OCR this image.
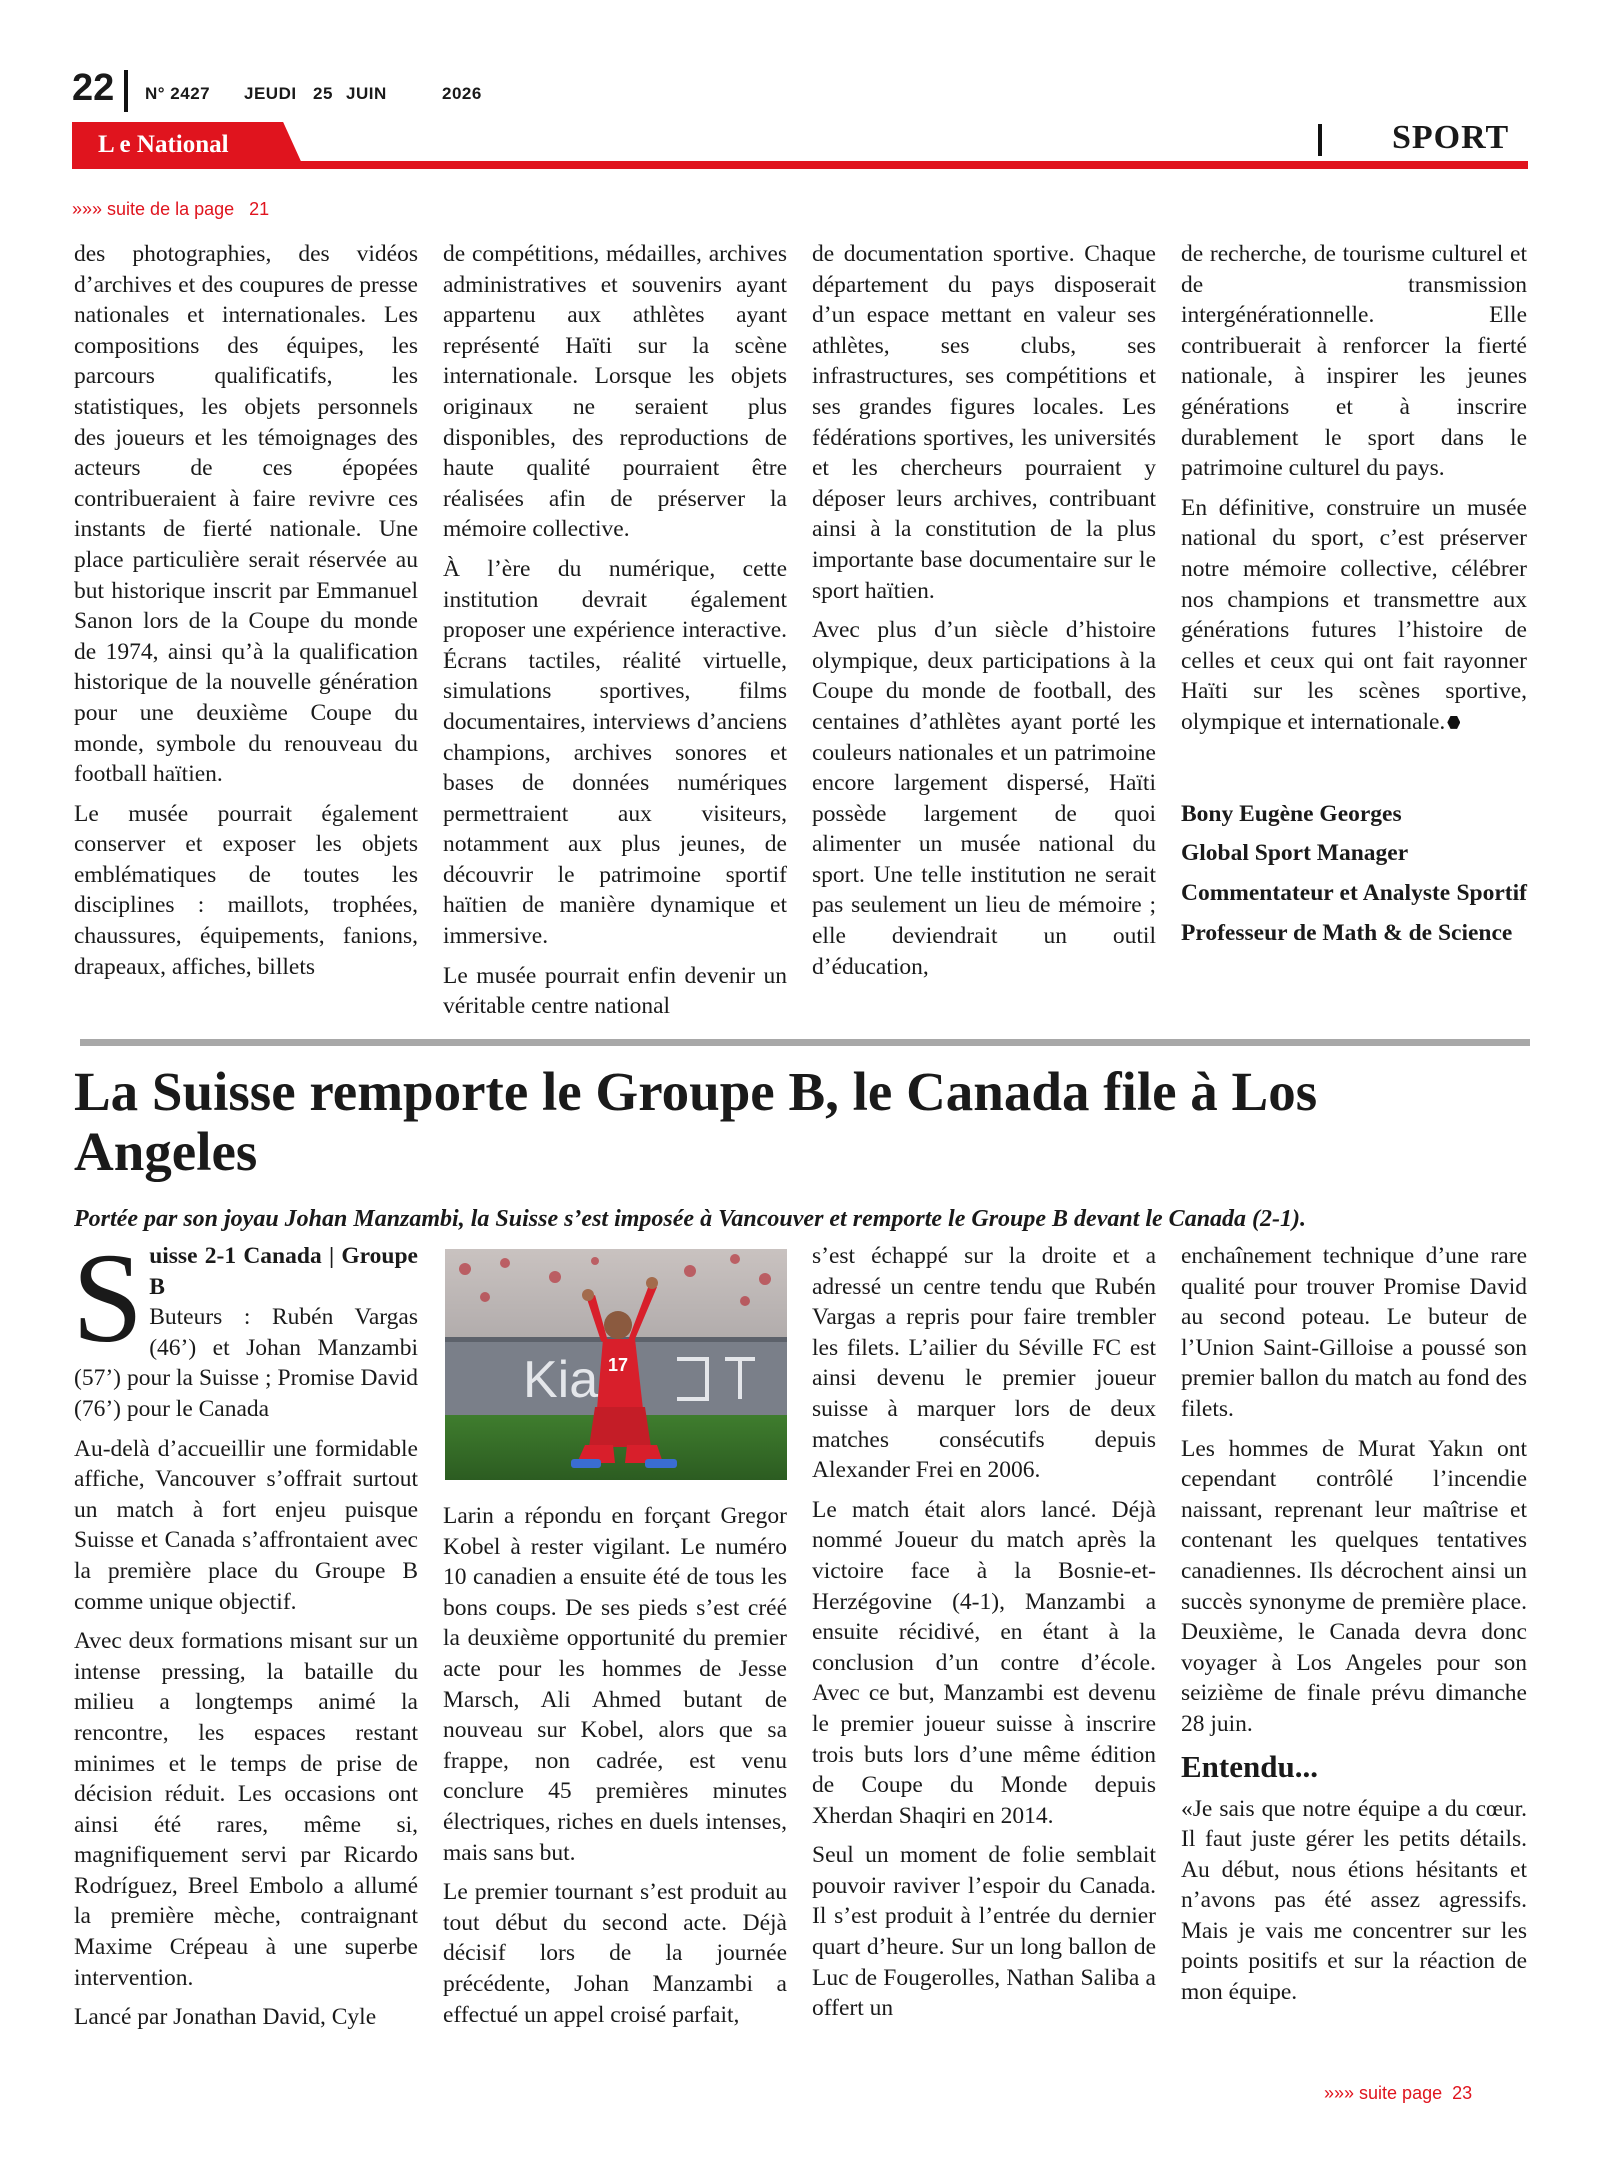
22 N° 2427 JEUDI 25 JUIN	2026
L e National	SPORT
»»» suite de la page 21

des photographies, des vidéos d’archives et des coupures de presse nationales et internationales. Les compositions des équipes, les parcours qualificatifs, les statistiques, les objets personnels des joueurs et les témoignages des acteurs de ces épopées contribueraient à faire revivre ces instants de fierté nationale. Une place particulière serait réservée au but historique inscrit par Emmanuel Sanon lors de la Coupe du monde de 1974, ainsi qu’à la qualification historique de la nouvelle génération pour une deuxième Coupe du monde, symbole du renouveau du football haïtien.

Le musée pourrait également conserver et exposer les objets emblématiques de toutes les disciplines : maillots, trophées, chaussures, équipements, fanions, drapeaux, affiches, billets

de compétitions, médailles, archives administratives et souvenirs ayant appartenu aux athlètes ayant représenté Haïti sur la scène internationale. Lorsque les objets originaux ne seraient plus disponibles, des reproductions de haute qualité pourraient être réalisées afin de préserver la mémoire collective.

À l’ère du numérique, cette institution devrait également proposer une expérience interactive. Écrans tactiles, réalité virtuelle, simulations sportives, films documentaires, interviews d’anciens champions, archives sonores et bases de données numériques permettraient aux visiteurs, notamment aux plus jeunes, de découvrir le patrimoine sportif haïtien de manière dynamique et immersive.

Le musée pourrait enfin devenir un véritable centre national

de documentation sportive. Chaque département du pays disposerait d’un espace mettant en valeur ses athlètes, ses clubs, ses infrastructures, ses compétitions et ses grandes figures locales. Les fédérations sportives, les universités et les chercheurs pourraient y déposer leurs archives, contribuant ainsi à la constitution de la plus importante base documentaire sur le sport haïtien.

Avec plus d’un siècle d’histoire olympique, deux participations à la Coupe du monde de football, des centaines d’athlètes ayant porté les couleurs nationales et un patrimoine encore largement dispersé, Haïti possède largement de quoi alimenter un musée national du sport. Une telle institution ne serait pas seulement un lieu de mémoire ; elle deviendrait un outil d’éducation,

de recherche, de tourisme culturel et de transmission intergénérationnelle. Elle contribuerait à renforcer la fierté nationale, à inspirer les jeunes générations et à inscrire durablement le sport dans le patrimoine culturel du pays.

En définitive, construire un musée national du sport, c’est préserver notre mémoire collective, célébrer nos champions et transmettre aux générations futures l’histoire de celles et ceux qui ont fait rayonner Haïti sur les scènes sportive, olympique et internationale.

Bony Eugène Georges

Global Sport Manager

Commentateur et Analyste Sportif

Professeur de Math & de Science

La Suisse remporte le Groupe B, le Canada file à Los Angeles
Portée par son joyau Johan Manzambi, la Suisse s’est imposée à Vancouver et remporte le Groupe B devant le Canada (2-1).

Suisse 2-1 Canada | Groupe B
Buteurs : Rubén Vargas (46’) et Johan Manzambi (57’) pour la Suisse ; Promise David (76’) pour le Canada

Au-delà d’accueillir une formidable affiche, Vancouver s’offrait surtout un match à fort enjeu puisque Suisse et Canada s’affrontaient avec la première place du Groupe B comme unique objectif.

Avec deux formations misant sur un intense pressing, la bataille du milieu a longtemps animé la rencontre, les espaces restant minimes et le temps de prise de décision réduit. Les occasions ont ainsi été rares, même si, magnifiquement servi par Ricardo Rodríguez, Breel Embolo a allumé la première mèche, contraignant Maxime Crépeau à une superbe intervention.

Lancé par Jonathan David, Cyle

Kia 17

Larin a répondu en forçant Gregor Kobel à rester vigilant. Le numéro 10 canadien a ensuite été de tous les bons coups. De ses pieds s’est créé la deuxième opportunité du premier acte pour les hommes de Jesse Marsch, Ali Ahmed butant de nouveau sur Kobel, alors que sa frappe, non cadrée, est venu conclure 45 premières minutes électriques, riches en duels intenses, mais sans but.

Le premier tournant s’est produit au tout début du second acte. Déjà décisif lors de la journée précédente, Johan Manzambi a effectué un appel croisé parfait,

s’est échappé sur la droite et a adressé un centre tendu que Rubén Vargas a repris pour faire trembler les filets. L’ailier du Séville FC est ainsi devenu le premier joueur suisse à marquer lors de deux matches consécutifs depuis Alexander Frei en 2006.

Le match était alors lancé. Déjà nommé Joueur du match après la victoire face à la Bosnie-et-Herzégovine (4-1), Manzambi a ensuite récidivé, en étant à la conclusion d’un contre d’école. Avec ce but, Manzambi est devenu le premier joueur suisse à inscrire trois buts lors d’une même édition de Coupe du Monde depuis Xherdan Shaqiri en 2014.

Seul un moment de folie semblait pouvoir raviver l’espoir du Canada. Il s’est produit à l’entrée du dernier quart d’heure. Sur un long ballon de Luc de Fougerolles, Nathan Saliba a offert un

enchaînement technique d’une rare qualité pour trouver Promise David au second poteau. Le buteur de l’Union Saint-Gilloise a poussé son premier ballon du match au fond des filets.

Les hommes de Murat Yakın ont cependant contrôlé l’incendie naissant, reprenant leur maîtrise et contenant les quelques tentatives canadiennes. Ils décrochent ainsi un succès synonyme de première place. Deuxième, le Canada devra donc voyager à Los Angeles pour son seizième de finale prévu dimanche 28 juin.

Entendu...

«Je sais que notre équipe a du cœur. Il faut juste gérer les petits détails. Au début, nous étions hésitants et n’avons pas été assez agressifs. Mais je vais me concentrer sur les points positifs et sur la réaction de mon équipe.

»»» suite page 23
